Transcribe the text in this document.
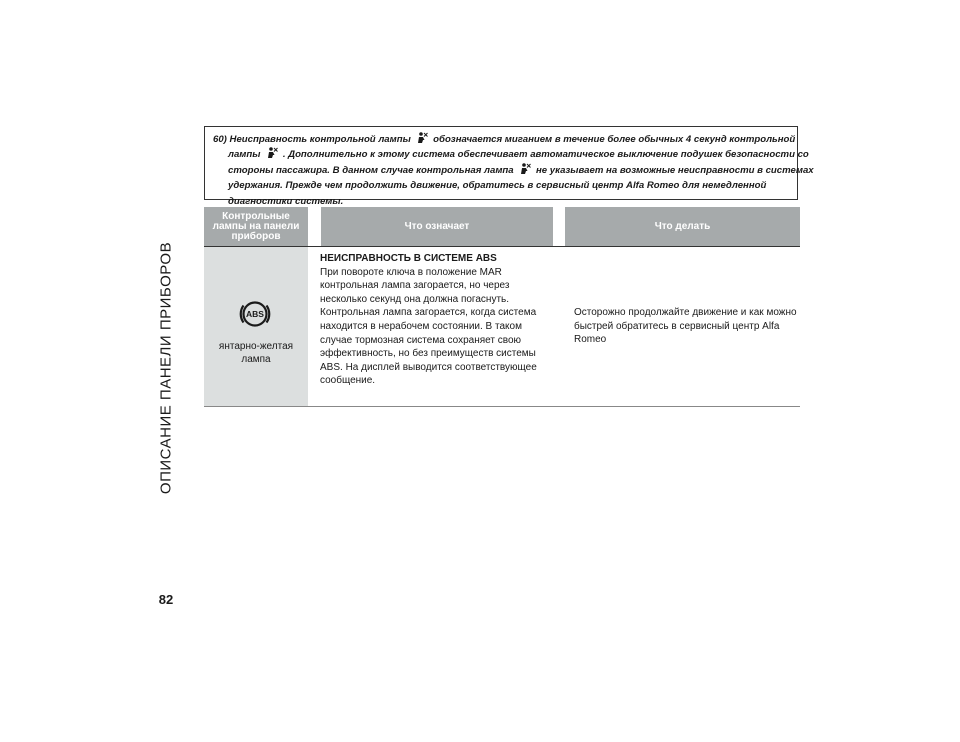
ОПИСАНИЕ ПАНЕЛИ ПРИБОРОВ
60) Неисправность контрольной лампы обозначается миганием в течение более обычных 4 секунд контрольной
лампы . Дополнительно к этому система обеспечивает автоматическое выключение подушек безопасности со
стороны пассажира. В данном случае контрольная лампа не указывает на возможные неисправности в системах
удержания. Прежде чем продолжить движение, обратитесь в сервисный центр Alfa Romeo для немедленной
диагностики системы.
Контрольные лампы на панели приборов
Что означает	Что делать
ABS
янтарно-желтая лампа
НЕИСПРАВНОСТЬ В СИСТЕМЕ ABS
При повороте ключа в положение MAR контрольная лампа загорается, но через несколько секунд она должна погаснуть. Контрольная лампа загорается, когда система находится в нерабочем состоянии. В таком случае тормозная система сохраняет свою эффективность, но без преимуществ системы ABS. На дисплей выводится соответствующее сообщение.
Осторожно продолжайте движение и как можно быстрей обратитесь в сервисный центр Alfa Romeo
82
